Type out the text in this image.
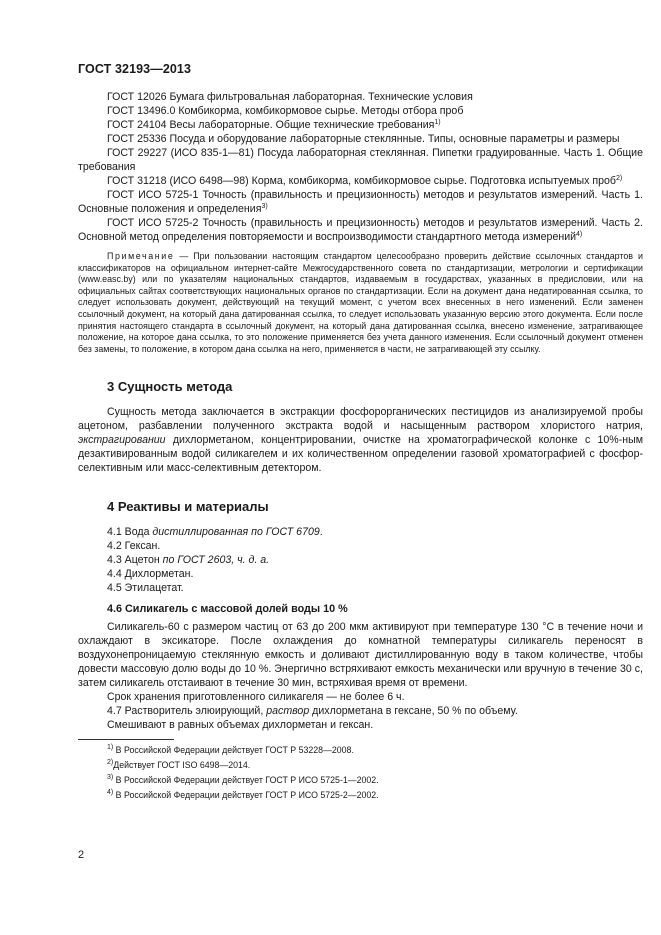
ГОСТ 32193—2013

ГОСТ 12026 Бумага фильтровальная лабораторная. Технические условия

ГОСТ 13496.0 Комбикорма, комбикормовое сырье. Методы отбора проб

ГОСТ 24104 Весы лабораторные. Общие технические требования$^{1)}$

ГОСТ 25336 Посуда и оборудование лабораторные стеклянные. Типы, основные параметры и размеры

ГОСТ 29227 (ИСО 835-1—81) Посуда лабораторная стеклянная. Пипетки градуированные. Часть 1. Общие требования

ГОСТ 31218 (ИСО 6498—98) Корма, комбикорма, комбикормовое сырье. Подготовка испытуемых проб$^{2)}$

ГОСТ ИСО 5725-1 Точность (правильность и прецизионность) методов и результатов измерений. Часть 1. Основные положения и определения$^{3)}$

ГОСТ ИСО 5725-2 Точность (правильность и прецизионность) методов и результатов измерений. Часть 2. Основной метод определения повторяемости и воспроизводимости стандартного метода измерений$^{4)}$

Примечание — При пользовании настоящим стандартом целесообразно проверить действие ссылочных стандартов и классификаторов на официальном интернет-сайте Межгосударственного совета по стандартизации, метрологии и сертификации (www.easc.by) или по указателям национальных стандартов, издаваемым в государствах, указанных в предисловии, или на официальных сайтах соответствующих национальных органов по стандартизации. Если на документ дана недатированная ссылка, то следует использовать документ, действующий на текущий момент, с учетом всех внесенных в него изменений. Если заменен ссылочный документ, на который дана датированная ссылка, то следует использовать указанную версию этого документа. Если после принятия настоящего стандарта в ссылочный документ, на который дана датированная ссылка, внесено изменение, затрагивающее положение, на которое дана ссылка, то это положение применяется без учета данного изменения. Если ссылочный документ отменен без замены, то положение, в котором дана ссылка на него, применяется в части, не затрагивающей эту ссылку.

3 Сущность метода

Сущность метода заключается в экстракции фосфорорганических пестицидов из анализируемой пробы ацетоном, разбавлении полученного экстракта водой и насыщенным раствором хлористого натрия, экстрагировании дихлорметаном, концентрировании, очистке на хроматографической колонке с 10%-ным дезактивированным водой силикагелем и их количественном определении газовой хроматографией с фосфор-селективным или масс-селективным детектором.

4 Реактивы и материалы

4.1 Вода дистиллированная по ГОСТ 6709.

4.2 Гексан.

4.3 Ацетон по ГОСТ 2603, ч. д. а.

4.4 Дихлорметан.

4.5 Этилацетат.

4.6 Силикагель с массовой долей воды 10 %

Силикагель-60 с размером частиц от 63 до 200 мкм активируют при температуре 130 °С в течение ночи и охлаждают в эксикаторе. После охлаждения до комнатной температуры силикагель переносят в воздухонепроницаемую стеклянную емкость и доливают дистиллированную воду в таком количестве, чтобы довести массовую долю воды до 10 %. Энергично встряхивают емкость механически или вручную в течение 30 с, затем силикагель отстаивают в течение 30 мин, встряхивая время от времени.

Срок хранения приготовленного силикагеля — не более 6 ч.

4.7 Растворитель элюирующий, раствор дихлорметана в гексане, 50 % по объему.

Смешивают в равных объемах дихлорметан и гексан.

$^{1)}$ В Российской Федерации действует ГОСТ Р 53228—2008.

$^{2)}$Действует ГОСТ ISO 6498—2014.

$^{3)}$ В Российской Федерации действует ГОСТ Р ИСО 5725-1—2002.

$^{4)}$ В Российской Федерации действует ГОСТ Р ИСО 5725-2—2002.

2
